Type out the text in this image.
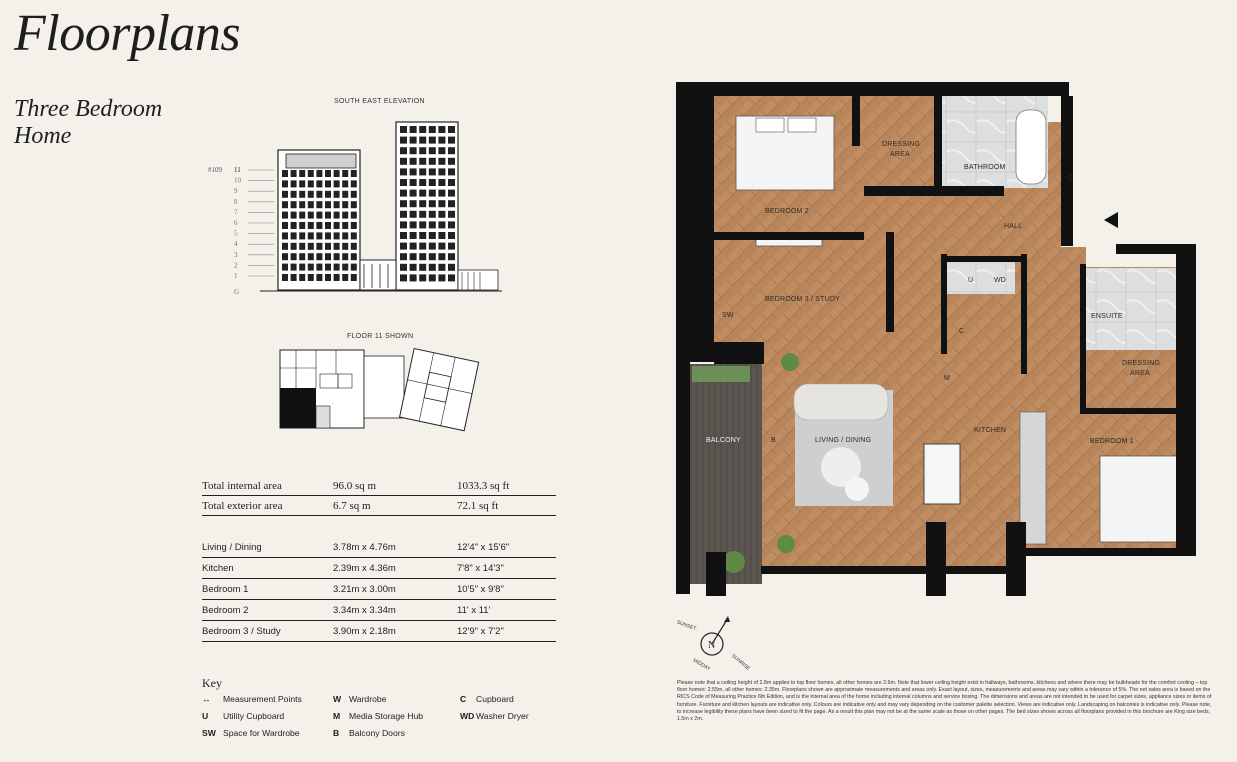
Floorplans
Three Bedroom
Home
SOUTH EAST ELEVATION
#109 11
10
9
8
7
6
5
4
3
2
1
G
FLOOR 11 SHOWN
Total internal area	96.0 sq m	1033.3 sq ft
Total exterior area	6.7 sq m	72.1 sq ft
Living / Dining	3.78m x 4.76m	12'4" x 15'6"
Kitchen	2.39m x 4.36m	7'8" x 14'3"
Bedroom 1	3.21m x 3.00m	10'5" x 9'8"
Bedroom 2	3.34m x 3.34m	11' x 11'
Bedroom 3 / Study	3.90m x 2.18m	12'9" x 7'2"
Key
↔	Measurement Points	W Wardrobe	C	Cupboard
U	Utility Cupboard	M	Media Storage Hub	WD Washer Dryer
SW Space for Wardrobe	B	Balcony Doors
DRESSING
AREA
BATHROOM
BEDROOM 2
HALL
C
U	WD
BEDROOM 3 / STUDY
SW
C
ENSUITE
DRESSING
AREA
M
KITCHEN
BALCONY	LIVING / DINING	BEDROOM 1
B
N
SUNSET
SUNRISE
MIDDAY
Please note that a ceiling height of 2.8m applies to top floor homes, all other homes are 2.6m. Note that lower ceiling height exist in hallways, bathrooms, kitchens and where there may be bulkheads for the comfort cooling – top floor homes: 2.55m, all other homes: 2.35m. Floorplans shown are approximate measurements and areas only. Exact layout, sizes, measurements and areas may vary within a tolerance of 5%. The net sales area is based on the RICS Code of Measuring Practice 6th Edition, and is the internal area of the home including internal columns and service boxing. The dimensions and areas are not intended to be used for carpet sizes, appliance sizes or items of furniture. Furniture and kitchen layouts are indicative only. Colours are indicative only and may vary depending on the customer palette selection. Views are indicative only. Landscaping on balconies is indicative only. Please note, to increase legibility these plans have been sized to fit the page. As a result this plan may not be at the same scale as those on other pages. The bed sizes shown across all floorplans provided in this brochure are King size beds, 1.5m x 2m.
